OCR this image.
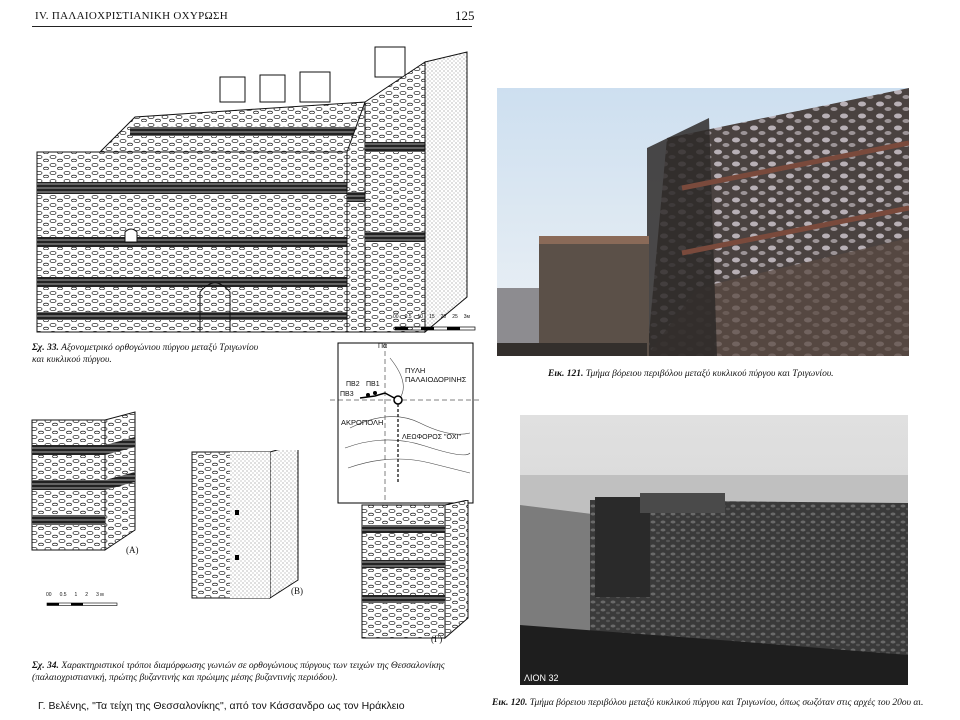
IV. ΠΑΛΑΙΟΧΡΙΣΤΙΑΝΙΚΗ ΟΧΥΡΩΣΗ	125
00 0.5 10 15 20 25 3м
Σχ. 33. Αξονομετρικό ορθογώνιου πύργου μεταξύ Τριγωνίου
και κυκλικού πύργου.
Πα
ΠΒ2 ΠΒ1
ΠΒ3
ΠΥΛΗ
ΠΑΛΑΙΟΔΟΡΙΝΗΣ
ΑΚΡΟΠΟΛΗ
ΛΕΩΦΟΡΟΣ "ΟΧΙ"
(Α)
(Β)
(Γ)
00 0.5 1 2 3 м
Σχ. 34. Χαρακτηριστικοί τρόποι διαμόρφωσης γωνιών σε ορθογώνιους πύργους των τειχών της Θεσσαλονίκης
(παλαιοχριστιανική, πρώτης βυζαντινής και πρώιμης μέσης βυζαντινής περιόδου).
Εικ. 121. Τμήμα βόρειου περιβόλου μεταξύ κυκλικού πύργου και Τριγωνίου.
ΛΙΟΝ 32
Εικ. 120. Τμήμα βόρειου περιβόλου μεταξύ κυκλικού πύργου και Τριγωνίου, όπως σωζόταν στις αρχές του 20ου αι.
Γ. Βελένης, "Τα τείχη της Θεσσαλονίκης", από τον Κάσσανδρο ως τον Ηράκλειο
